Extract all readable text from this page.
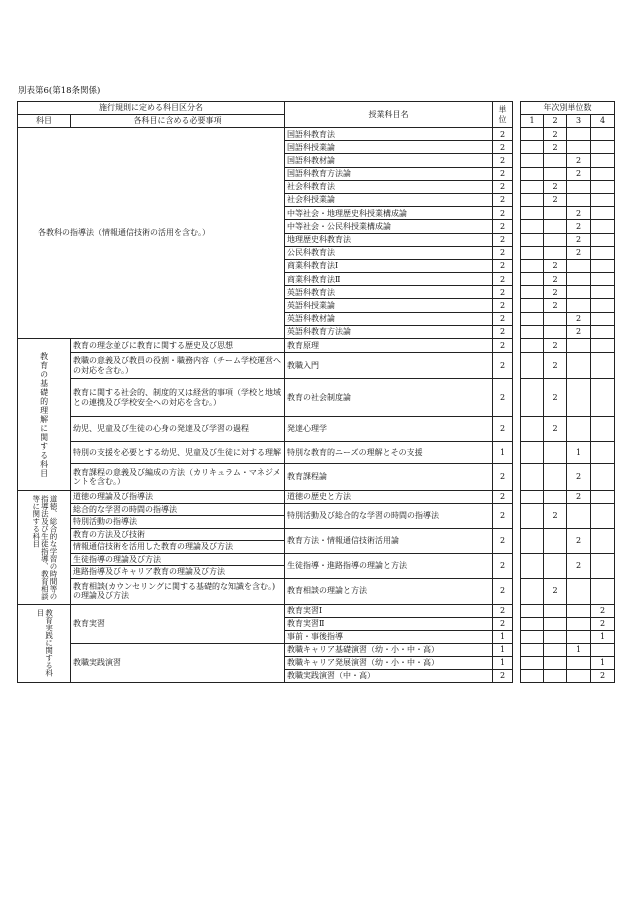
別表第6(第18条関係)
施行規則に定める科目区分名		授業科目名	単位		年次別単位数			
科目	各科目に含める必要事項				1	2	3	4
各教科の指導法（情報通信技術の活用を含む。）		国語科教育法	2			2		
		国語科授業論	2			2		
		国語科教材論	2				2	
		国語科教育方法論	2				2	
		社会科教育法	2			2		
		社会科授業論	2			2		
		中等社会・地理歴史科授業構成論	2				2	
		中等社会・公民科授業構成論	2				2	
		地理歴史科教育法	2				2	
		公民科教育法	2				2	
		商業科教育法Ⅰ	2			2		
		商業科教育法Ⅱ	2			2		
		英語科教育法	2			2		
		英語科授業論	2			2		
		英語科教材論	2				2	
		英語科教育方法論	2				2	
教育の基礎的理解に関する科目	教育の理念並びに教育に関する歴史及び思想	教育原理	2			2		
	教職の意義及び教員の役割・職務内容（チーム学校運営への対応を含む。）	教職入門	2			2		
	教育に関する社会的、制度的又は経営的事項（学校と地域との連携及び学校安全への対応を含む。）	教育の社会制度論	2			2		
	幼児、児童及び生徒の心身の発達及び学習の過程	発達心理学	2			2		
	特別の支援を必要とする幼児、児童及び生徒に対する理解	特別な教育的ニーズの理解とその支援	1				1	
	教育課程の意義及び編成の方法（カリキュラム・マネジメントを含む。）	教育課程論	2				2	

道徳、総合的な学習の時間等の
指導法及び生徒指導、教育相談
等に関する科目	道徳の理論及び指導法	道徳の歴史と方法	2				2	
	総合的な学習の時間の指導法	特別活動及び総合的な学習の時間の指導法	2			2		
	特別活動の指導法							
	教育の方法及び技術	教育方法・情報通信技術活用論	2				2	
	情報通信技術を活用した教育の理論及び方法							
	生徒指導の理論及び方法	生徒指導・進路指導の理論と方法	2				2	
	進路指導及びキャリア教育の理論及び方法							
	教育相談(カウンセリングに関する基礎的な知識を含む。)の理論及び方法	教育相談の理論と方法	2			2		

教育実践に関する科
目	教育実習	教育実習Ⅰ	2					2
		教育実習Ⅱ	2					2
		事前・事後指導	1					1
	教職実践演習	教職キャリア基礎演習（幼・小・中・高）	1				1	
		教職キャリア発展演習（幼・小・中・高）	1					1
		教職実践演習（中・高）	2					2
